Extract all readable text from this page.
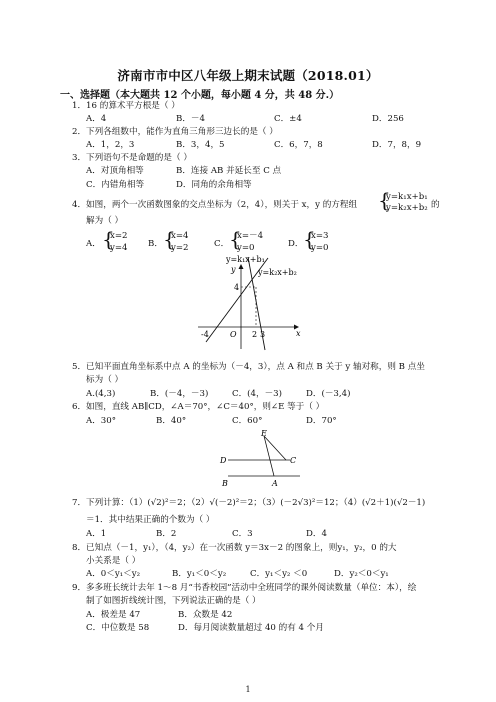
济南市市中区八年级上期末试题（2018.01）
一、选择题（本大题共 12 个小题，每小题 4 分，共 48 分.）
1．16 的算术平方根是（ ）
A．4	B．－4	C．±4	D．256
2．下列各组数中，能作为直角三角形三边长的是（ ）
A．1，2，3	B．3，4，5	C．6，7，8	D．7，8，9
3．下列语句不是命题的是（ ）
A．对顶角相等	B．连接 AB 并延长至 C 点
C．内错角相等	D．同角的余角相等
4．如图，两个一次函数图象的交点坐标为（2，4），则关于 x，y 的方程组 {
y=k₁x+b₁
y=k₂x+b₂ 的
解为（ ）
A． {
x=2
y=4 B． {
x=4
y=2	C． {
x=－4
y=0	D． {
x=3
y=0
y=k₁x+b₁
y=k₂x+b₂
y
x
4
-4	O 2 3
5．已知平面直角坐标系中点 A 的坐标为（－4，3），点 A 和点 B 关于 y 轴对称，则 B 点坐
标为（ ）
A.(4,3)	B．(－4，－3)	C．(4，－3)	D．(－3,4)
6．如图，直线 AB∥CD，∠A＝70°，∠C＝40°，则∠E 等于（ ）
A．30°	B．40°	C．60°	D．70°
E
D	C
B	A
7．下列计算：（1）(√2)²＝2；（2）√(－2)²＝2；（3）(－2√3)²＝12；（4）(√2＋1)(√2－1)
＝1．其中结果正确的个数为（ ）
A．1	B．2	C．3	D．4
8．已知点（－1，y₁），（4，y₂）在一次函数 y＝3x－2 的图象上，则y₁，y₂，0 的大
小关系是（ ）
A．0＜y₁＜y₂	B．y₁＜0＜y₂	C．y₁＜y₂ ＜0	D．y₂＜0＜y₁
9．多多班长统计去年 1～8 月“书香校园”活动中全班同学的课外阅读数量（单位：本），绘
制了如图折线统计图，下列说法正确的是（ ）
A．极差是 47	B．众数是 42
C．中位数是 58	D．每月阅读数量超过 40 的有 4 个月
1
